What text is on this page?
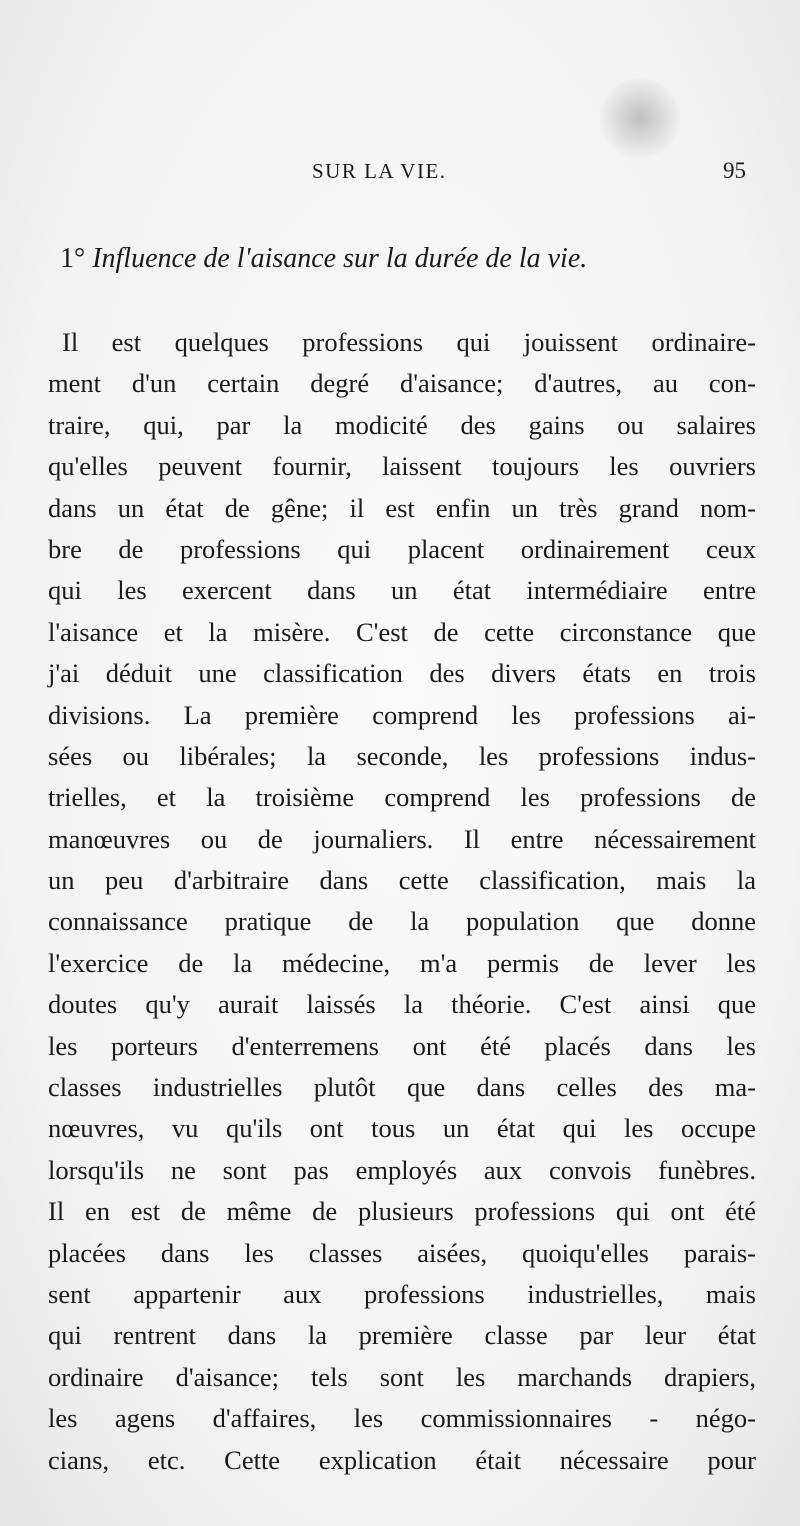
SUR LA VIE.	95
1° Influence de l'aisance sur la durée de la vie.
Il est quelques professions qui jouissent ordinaire-
ment d'un certain degré d'aisance; d'autres, au con-
traire, qui, par la modicité des gains ou salaires
qu'elles peuvent fournir, laissent toujours les ouvriers
dans un état de gêne; il est enfin un très grand nom-
bre de professions qui placent ordinairement ceux
qui les exercent dans un état intermédiaire entre
l'aisance et la misère. C'est de cette circonstance que
j'ai déduit une classification des divers états en trois
divisions. La première comprend les professions ai-
sées ou libérales; la seconde, les professions indus-
trielles, et la troisième comprend les professions de
manœuvres ou de journaliers. Il entre nécessairement
un peu d'arbitraire dans cette classification, mais la
connaissance pratique de la population que donne
l'exercice de la médecine, m'a permis de lever les
doutes qu'y aurait laissés la théorie. C'est ainsi que
les porteurs d'enterremens ont été placés dans les
classes industrielles plutôt que dans celles des ma-
nœuvres, vu qu'ils ont tous un état qui les occupe
lorsqu'ils ne sont pas employés aux convois funèbres.
Il en est de même de plusieurs professions qui ont été
placées dans les classes aisées, quoiqu'elles parais-
sent appartenir aux professions industrielles, mais
qui rentrent dans la première classe par leur état
ordinaire d'aisance; tels sont les marchands drapiers,
les agens d'affaires, les commissionnaires - négo-
cians, etc. Cette explication était nécessaire pour
